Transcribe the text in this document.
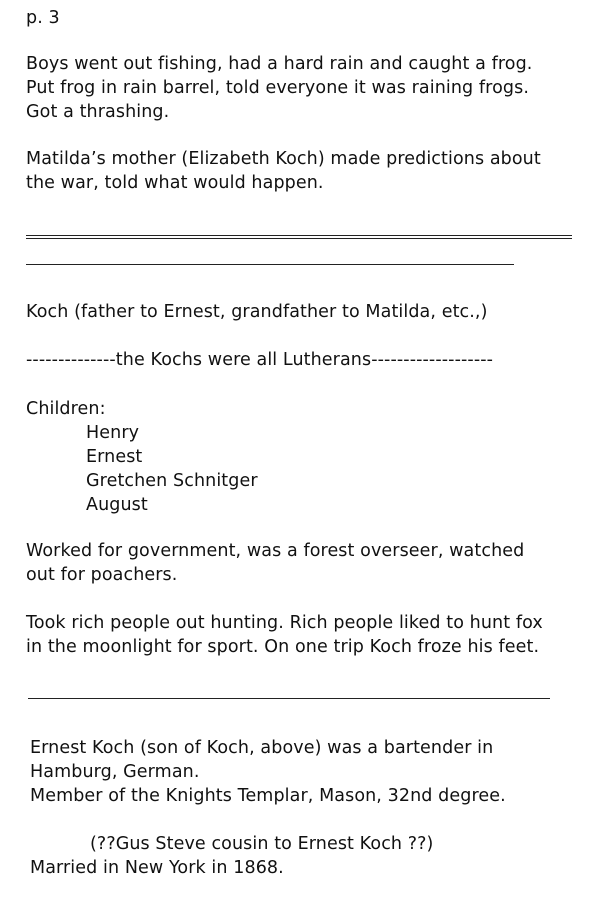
p. 3
Boys went out fishing, had a hard rain and caught a frog.
Put frog in rain barrel, told everyone it was raining frogs.
Got a thrashing.
Matilda’s mother (Elizabeth Koch) made predictions about
the war, told what would happen.
Koch (father to Ernest, grandfather to Matilda, etc.,)
--------------the Kochs were all Lutherans-------------------
Children:
Henry
Ernest
Gretchen Schnitger
August
Worked for government, was a forest overseer, watched
out for poachers.
Took rich people out hunting. Rich people liked to hunt fox
in the moonlight for sport. On one trip Koch froze his feet.
Ernest Koch (son of Koch, above) was a bartender in
Hamburg, German.
Member of the Knights Templar, Mason, 32nd degree.
(??Gus Steve cousin to Ernest Koch ??)
Married in New York in 1868.
